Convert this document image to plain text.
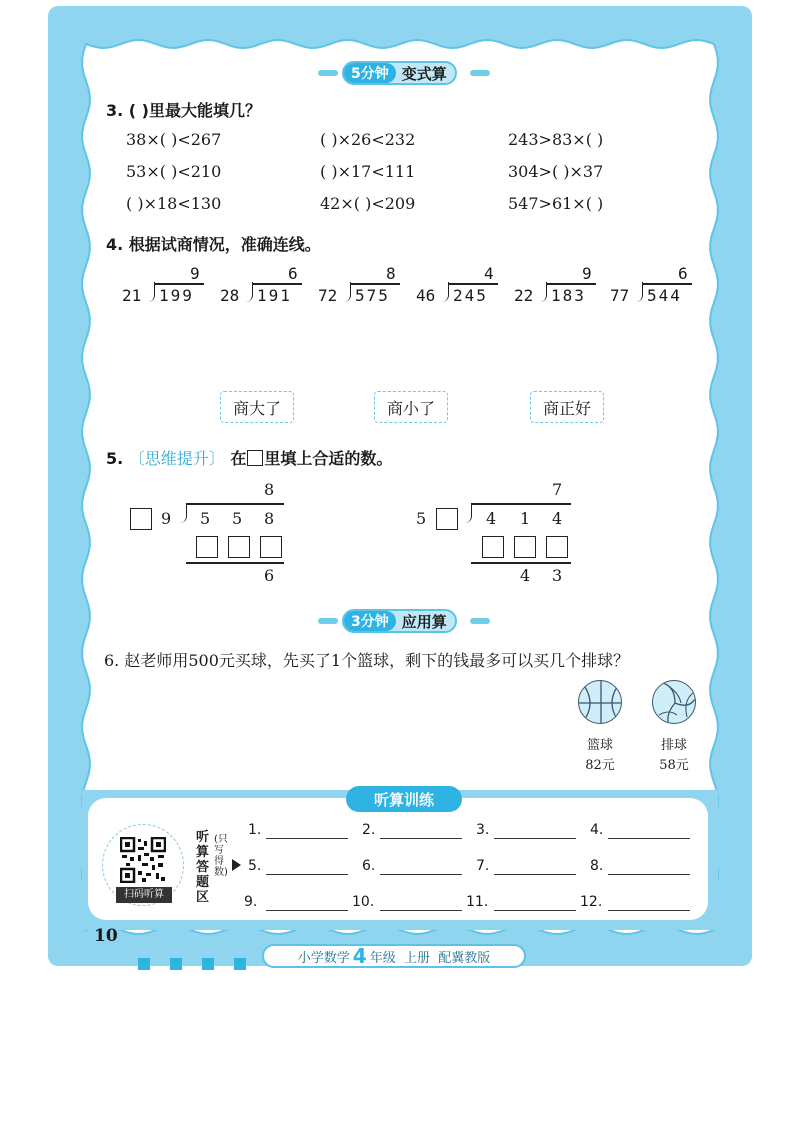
5分钟 变式算
3. ( )里最大能填几？
38×( )<267	( )×26<232	243>83×( )
53×( )<210	( )×17<111	304>( )×37
( )×18<130	42×( )<209	547>61×( )
4. 根据试商情况，准确连线。
9
21 199
6
28 191
8
72 575
4
46 245
9
22 183
6
77 544
商大了	商小了	商正好
5. 〔思维提升〕 在 里填上合适的数。
8
9 5 5 8
6
7
5	4 1 4
4 3
3分钟 应用算
6. 赵老师用500元买球，先买了1个篮球，剩下的钱最多可以买几个排球？
篮球
82元
排球
58元
听算训练
扫码听算
听算答题区
(只写得数)
1.	2.	3.	4.
5.	6.	7.	8.
9.	10.	11.	12.
10
小学数学 4 年级  上册  配冀教版
